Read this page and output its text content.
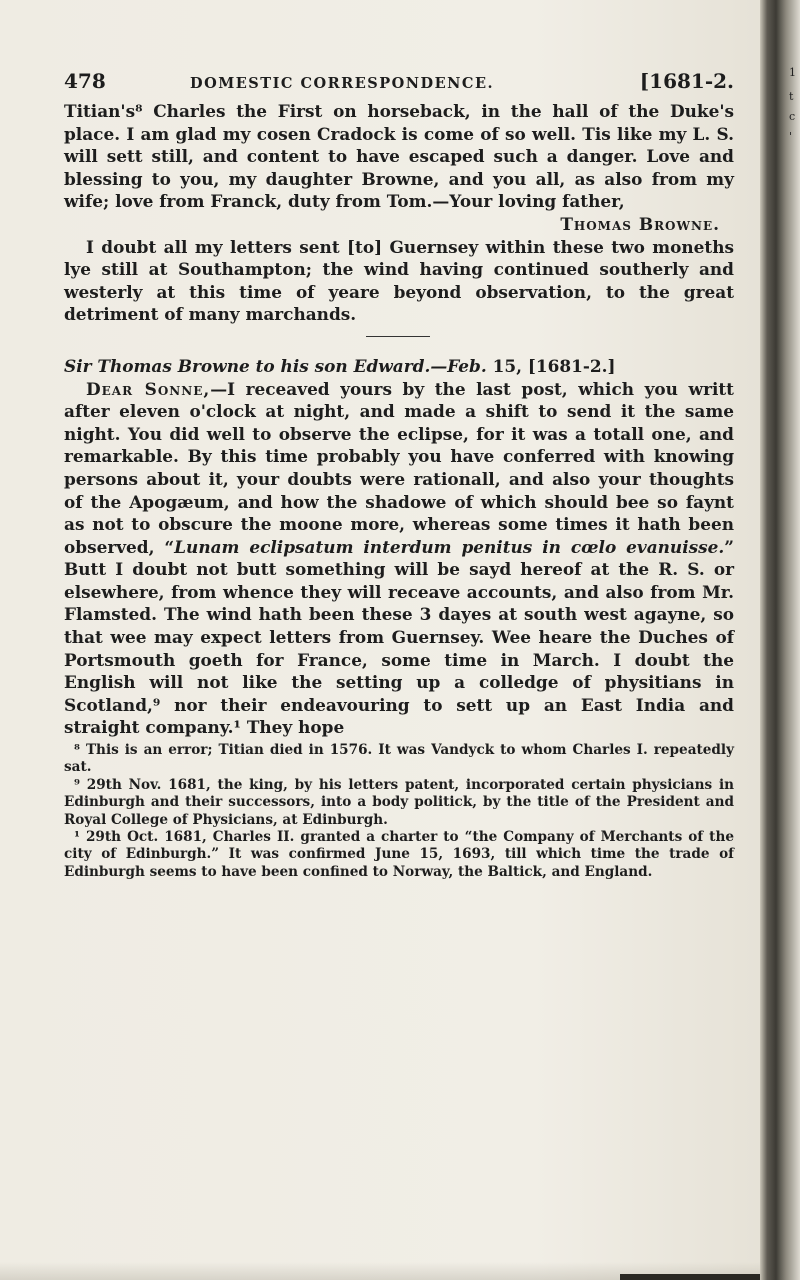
478	DOMESTIC CORRESPONDENCE.	[1681-2.

Titian's⁸ Charles the First on horseback, in the hall of the Duke's place. I am glad my cosen Cradock is come of so well. Tis like my L. S. will sett still, and content to have escaped such a danger. Love and blessing to you, my daughter Browne, and you all, as also from my wife; love from Franck, duty from Tom.—Your loving father,

Thomas Browne.

I doubt all my letters sent [to] Guernsey within these two moneths lye still at Southampton; the wind having continued southerly and westerly at this time of yeare beyond observation, to the great detriment of many marchands.

Sir Thomas Browne to his son Edward.—Feb. 15, [1681-2.]

Dear Sonne,—I receaved yours by the last post, which you writt after eleven o'clock at night, and made a shift to send it the same night. You did well to observe the eclipse, for it was a totall one, and remarkable. By this time probably you have conferred with knowing persons about it, your doubts were rationall, and also your thoughts of the Apogæum, and how the shadowe of which should bee so faynt as not to obscure the moone more, whereas some times it hath been observed, “Lunam eclipsatum interdum penitus in cœlo evanuisse.” Butt I doubt not butt something will be sayd hereof at the R. S. or elsewhere, from whence they will receave accounts, and also from Mr. Flamsted. The wind hath been these 3 dayes at south west agayne, so that wee may expect letters from Guernsey. Wee heare the Duches of Portsmouth goeth for France, some time in March. I doubt the English will not like the setting up a colledge of physitians in Scotland,⁹ nor their endeavouring to sett up an East India and straight company.¹ They hope

⁸ This is an error; Titian died in 1576. It was Vandyck to whom Charles I. repeatedly sat.

⁹ 29th Nov. 1681, the king, by his letters patent, incorporated certain physicians in Edinburgh and their successors, into a body politick, by the title of the President and Royal College of Physicians, at Edinburgh.

¹ 29th Oct. 1681, Charles II. granted a charter to “the Company of Merchants of the city of Edinburgh.” It was confirmed June 15, 1693, till which time the trade of Edinburgh seems to have been confined to Norway, the Baltick, and England.

1
t
c
'
